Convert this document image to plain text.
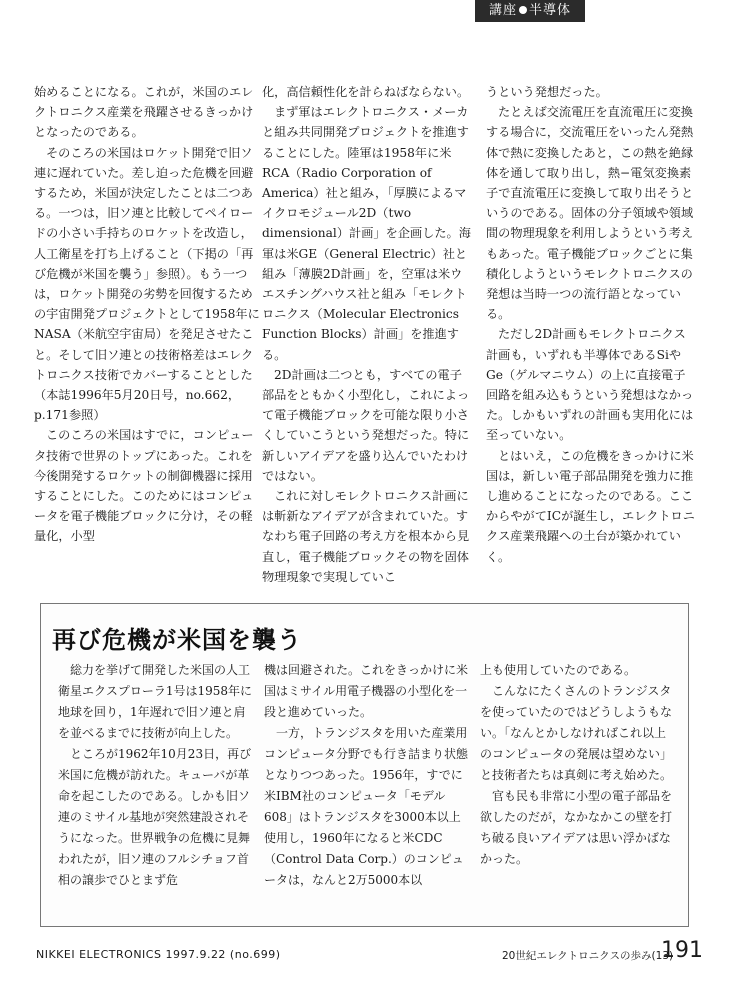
講座 半導体

始めることになる。これが，米国のエレクトロニクス産業を飛躍させるきっかけとなったのである。

そのころの米国はロケット開発で旧ソ連に遅れていた。差し迫った危機を回避するため，米国が決定したことは二つある。一つは，旧ソ連と比較してペイロードの小さい手持ちのロケットを改造し，人工衛星を打ち上げること（下掲の「再び危機が米国を襲う」参照）。もう一つは，ロケット開発の劣勢を回復するための宇宙開発プロジェクトとして1958年にNASA（米航空宇宙局）を発足させたこと。そして旧ソ連との技術格差はエレクトロニクス技術でカバーすることとした（本誌1996年5月20日号，no.662，p.171参照）

このころの米国はすでに，コンピュータ技術で世界のトップにあった。これを今後開発するロケットの制御機器に採用することにした。このためにはコンピュータを電子機能ブロックに分け，その軽量化，小型

化，高信頼性化を計らねばならない。

まず軍はエレクトロニクス・メーカと組み共同開発プロジェクトを推進することにした。陸軍は1958年に米RCA（Radio Corporation of America）社と組み，「厚膜によるマイクロモジュール2D（two dimensional）計画」を企画した。海軍は米GE（General Electric）社と組み「薄膜2D計画」を，空軍は米ウエスチングハウス社と組み「モレクトロニクス（Molecular Electronics Function Blocks）計画」を推進する。

2D計画は二つとも，すべての電子部品をともかく小型化し，これによって電子機能ブロックを可能な限り小さくしていこうという発想だった。特に新しいアイデアを盛り込んでいたわけではない。

これに対しモレクトロニクス計画には斬新なアイデアが含まれていた。すなわち電子回路の考え方を根本から見直し，電子機能ブロックその物を固体物理現象で実現していこ

うという発想だった。

たとえば交流電圧を直流電圧に変換する場合に，交流電圧をいったん発熱体で熱に変換したあと，この熱を絶縁体を通して取り出し，熱−電気変換素子で直流電圧に変換して取り出そうというのである。固体の分子領域や領域間の物理現象を利用しようという考えもあった。電子機能ブロックごとに集積化しようというモレクトロニクスの発想は当時一つの流行語となっている。

ただし2D計画もモレクトロニクス計画も，いずれも半導体であるSiやGe（ゲルマニウム）の上に直接電子回路を組み込もうという発想はなかった。しかもいずれの計画も実用化には至っていない。

とはいえ，この危機をきっかけに米国は，新しい電子部品開発を強力に推し進めることになったのである。ここからやがてICが誕生し，エレクトロニクス産業飛躍への土台が築かれていく。

再び危機が米国を襲う

総力を挙げて開発した米国の人工衛星エクスプローラ1号は1958年に地球を回り，1年遅れで旧ソ連と肩を並べるまでに技術が向上した。

ところが1962年10月23日，再び米国に危機が訪れた。キューバが革命を起こしたのである。しかも旧ソ連のミサイル基地が突然建設されそうになった。世界戦争の危機に見舞われたが，旧ソ連のフルシチョフ首相の譲歩でひとまず危

機は回避された。これをきっかけに米国はミサイル用電子機器の小型化を一段と進めていった。

一方，トランジスタを用いた産業用コンピュータ分野でも行き詰まり状態となりつつあった。1956年，すでに米IBM社のコンピュータ「モデル608」はトランジスタを3000本以上使用し，1960年になると米CDC（Control Data Corp.）のコンピュータは，なんと2万5000本以

上も使用していたのである。

こんなにたくさんのトランジスタを使っていたのではどうしようもない。「なんとかしなければこれ以上のコンピュータの発展は望めない」と技術者たちは真剣に考え始めた。

官も民も非常に小型の電子部品を欲したのだが，なかなかこの壁を打ち破る良いアイデアは思い浮かばなかった。

NIKKEI ELECTRONICS 1997.9.22 (no.699)	20世紀エレクトロニクスの歩み(13)
191
